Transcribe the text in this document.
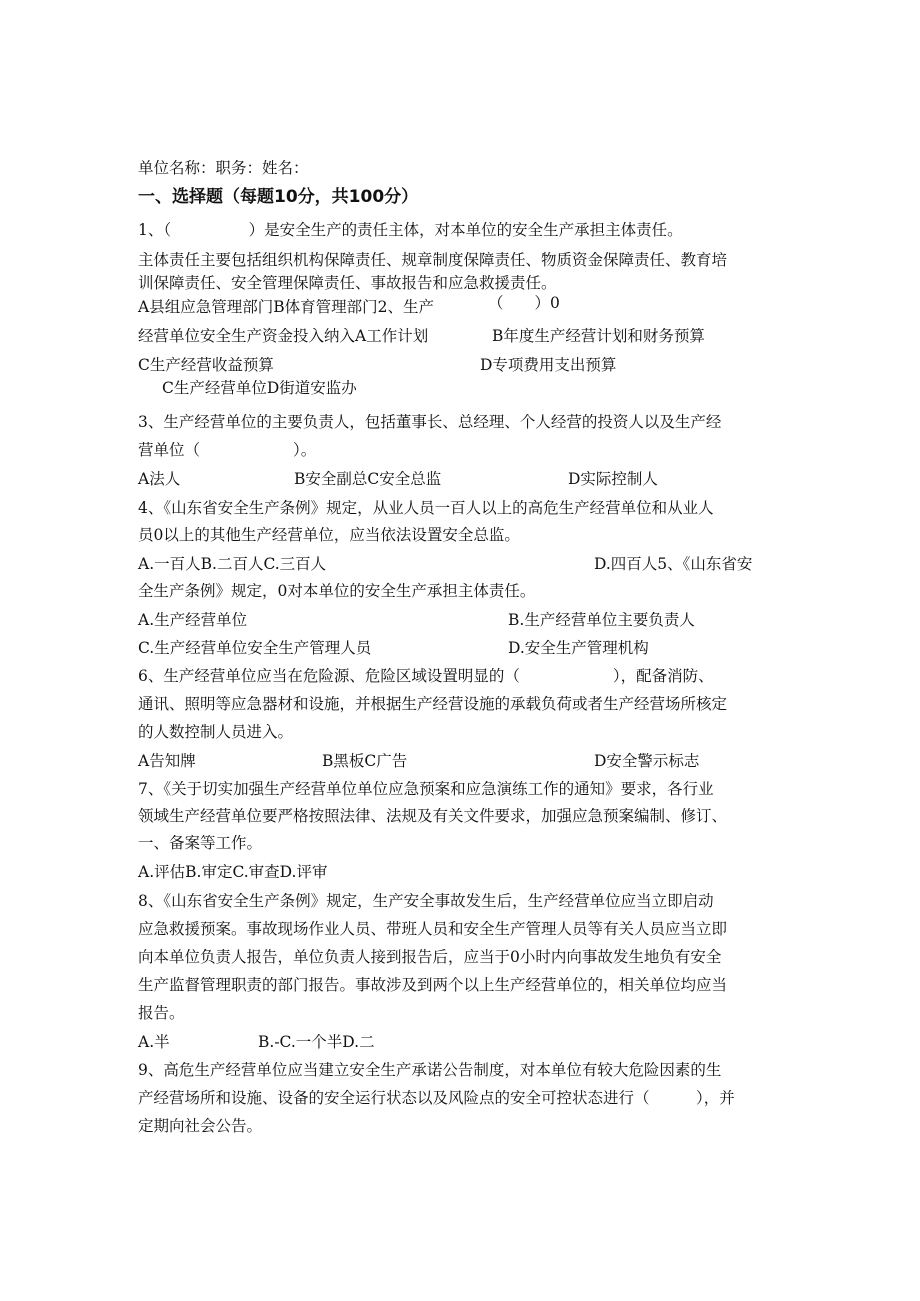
单位名称：职务：姓名：
一、选择题（每题10分，共100分）
1、（　　　　　）是安全生产的责任主体，对本单位的安全生产承担主体责任。
主体责任主要包括组织机构保障责任、规章制度保障责任、物质资金保障责任、教育培
训保障责任、安全管理保障责任、事故报告和应急救援责任。
A县组应急管理部门B体育管理部门2、生产	（　　）0
经营单位安全生产资金投入纳入A工作计划	B年度生产经营计划和财务预算
C生产经营收益预算	D专项费用支出预算
C生产经营单位D街道安监办
3、生产经营单位的主要负责人，包括董事长、总经理、个人经营的投资人以及生产经
营单位（　　　　　　）。
A法人	B安全副总C安全总监	D实际控制人
4、《山东省安全生产条例》规定，从业人员一百人以上的高危生产经营单位和从业人
员0以上的其他生产经营单位，应当依法设置安全总监。
A.一百人B.二百人C.三百人	D.四百人5、《山东省安
全生产条例》规定，0对本单位的安全生产承担主体责任。
A.生产经营单位	B.生产经营单位主要负责人
C.生产经营单位安全生产管理人员	D.安全生产管理机构
6、生产经营单位应当在危险源、危险区域设置明显的（　　　　　　），配备消防、
通讯、照明等应急器材和设施，并根据生产经营设施的承载负荷或者生产经营场所核定
的人数控制人员进入。
A告知牌	B黑板C广告	D安全警示标志
7、《关于切实加强生产经营单位单位应急预案和应急演练工作的通知》要求，各行业
领域生产经营单位要严格按照法律、法规及有关文件要求，加强应急预案编制、修订、
一、备案等工作。
A.评估B.审定C.审查D.评审
8、《山东省安全生产条例》规定，生产安全事故发生后，生产经营单位应当立即启动
应急救援预案。事故现场作业人员、带班人员和安全生产管理人员等有关人员应当立即
向本单位负责人报告，单位负责人接到报告后，应当于0小时内向事故发生地负有安全
生产监督管理职责的部门报告。事故涉及到两个以上生产经营单位的，相关单位均应当
报告。
A.半	B.-C.一个半D.二
9、高危生产经营单位应当建立安全生产承诺公告制度，对本单位有较大危险因素的生
产经营场所和设施、设备的安全运行状态以及风险点的安全可控状态进行（　　　），并
定期向社会公告。
